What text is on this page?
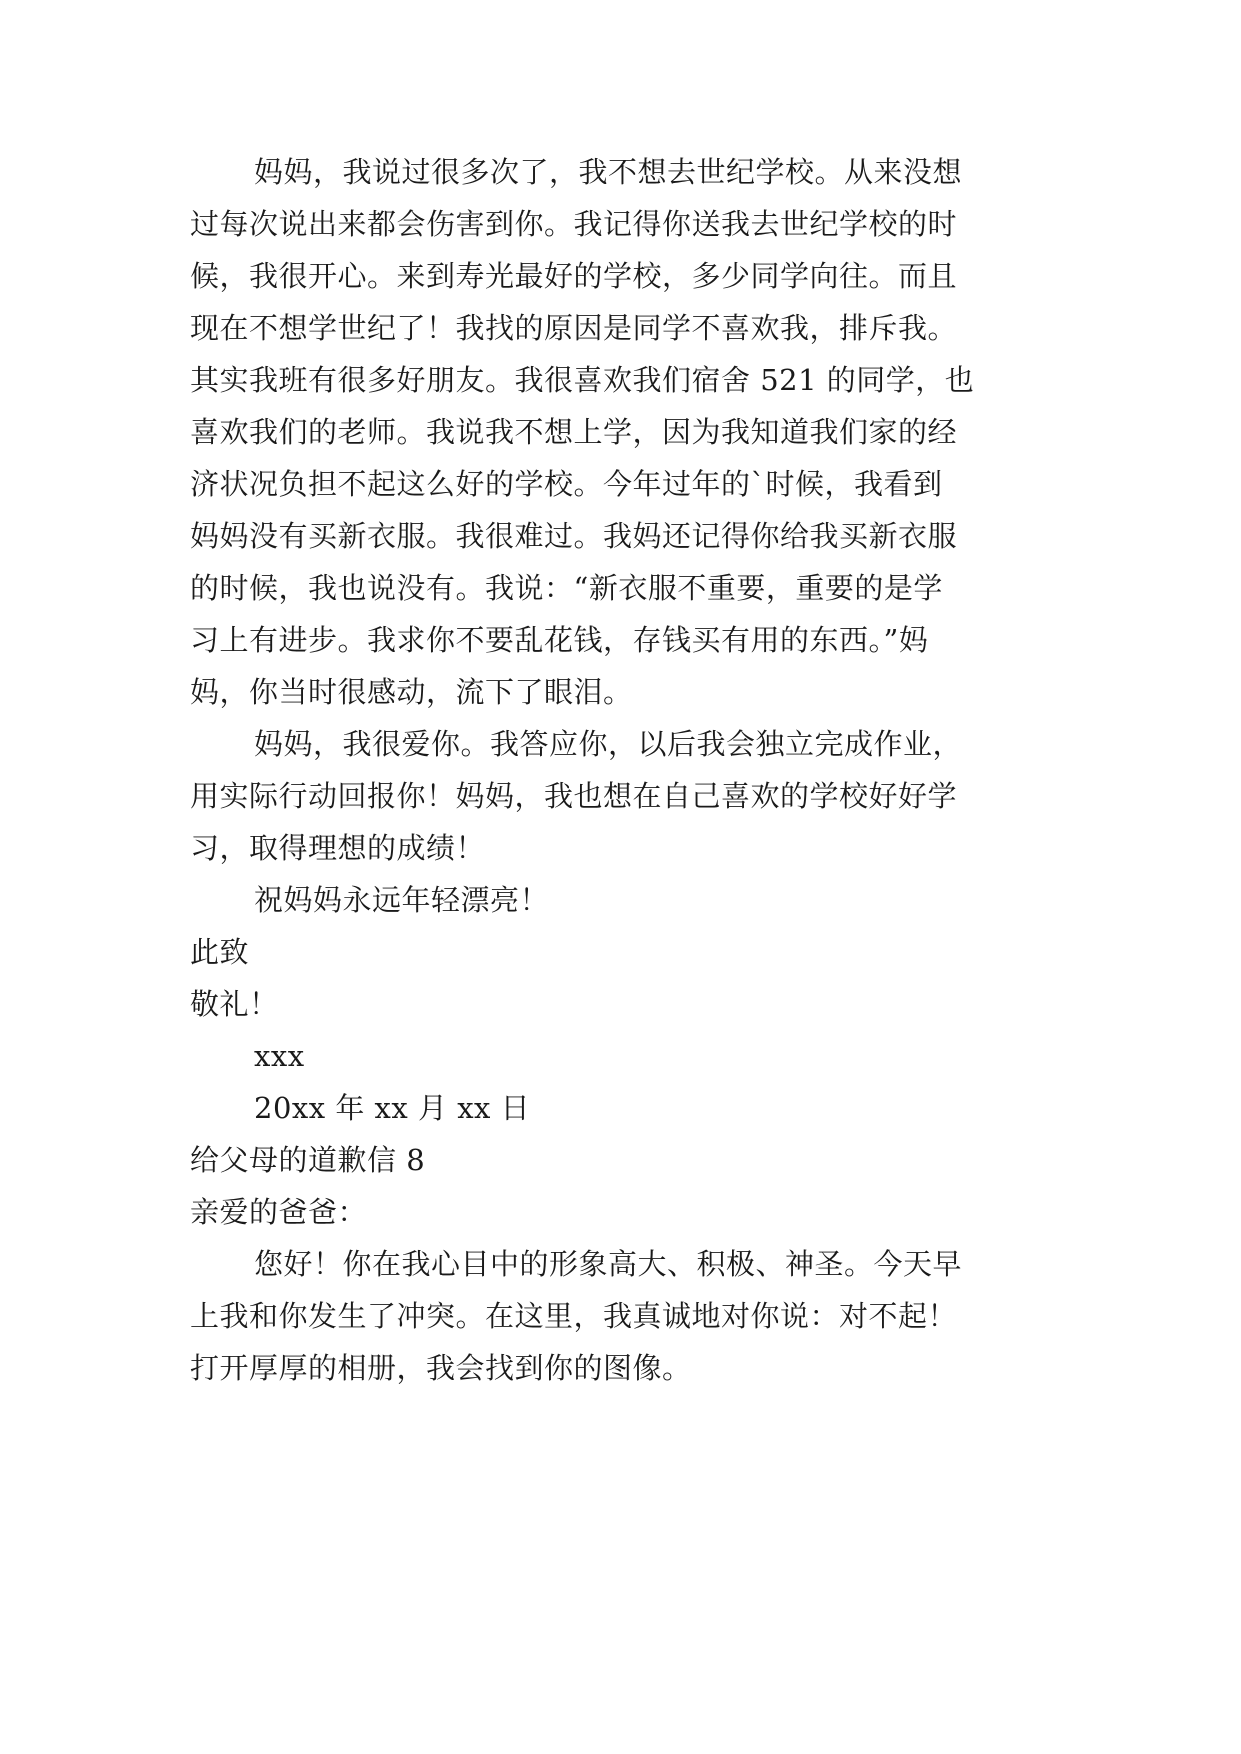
妈妈，我说过很多次了，我不想去世纪学校。从来没想
过每次说出来都会伤害到你。我记得你送我去世纪学校的时
候，我很开心。来到寿光最好的学校，多少同学向往。而且
现在不想学世纪了！我找的原因是同学不喜欢我，排斥我。
其实我班有很多好朋友。我很喜欢我们宿舍 521 的同学，也
喜欢我们的老师。我说我不想上学，因为我知道我们家的经
济状况负担不起这么好的学校。今年过年的`时候，我看到
妈妈没有买新衣服。我很难过。我妈还记得你给我买新衣服
的时候，我也说没有。我说：“新衣服不重要，重要的是学
习上有进步。我求你不要乱花钱，存钱买有用的东西。”妈
妈，你当时很感动，流下了眼泪。
妈妈，我很爱你。我答应你，以后我会独立完成作业，
用实际行动回报你！妈妈，我也想在自己喜欢的学校好好学
习，取得理想的成绩！
祝妈妈永远年轻漂亮！
此致
敬礼！
xxx
20xx 年 xx 月 xx 日
给父母的道歉信 8
亲爱的爸爸：
您好！你在我心目中的形象高大、积极、神圣。今天早
上我和你发生了冲突。在这里，我真诚地对你说：对不起！
打开厚厚的相册，我会找到你的图像。
